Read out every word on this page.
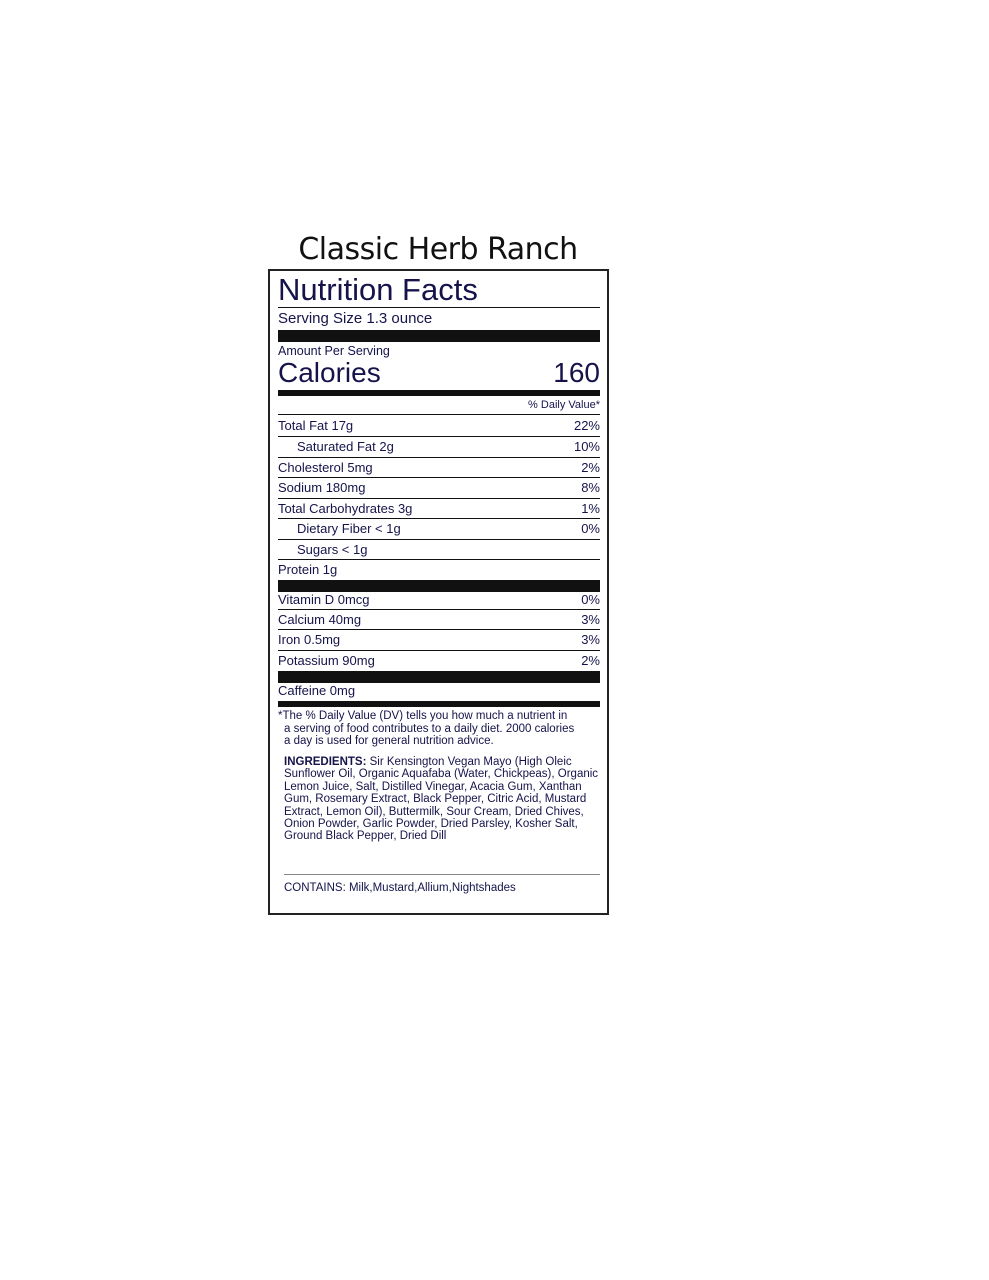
Classic Herb Ranch
Nutrition Facts
Serving Size 1.3 ounce
Amount Per Serving
Calories	160
% Daily Value*
Total Fat 17g	22%
Saturated Fat 2g	10%
Cholesterol 5mg	2%
Sodium 180mg	8%
Total Carbohydrates 3g	1%
Dietary Fiber < 1g	0%
Sugars < 1g
Protein 1g
Vitamin D 0mcg	0%
Calcium 40mg	3%
Iron 0.5mg	3%
Potassium 90mg	2%
Caffeine 0mg
*The % Daily Value (DV) tells you how much a nutrient in
a serving of food contributes to a daily diet. 2000 calories
a day is used for general nutrition advice.
INGREDIENTS: Sir Kensington Vegan Mayo (High Oleic Sunflower Oil, Organic Aquafaba (Water, Chickpeas), Organic Lemon Juice, Salt, Distilled Vinegar, Acacia Gum, Xanthan Gum, Rosemary Extract, Black Pepper, Citric Acid, Mustard Extract, Lemon Oil), Buttermilk, Sour Cream, Dried Chives, Onion Powder, Garlic Powder, Dried Parsley, Kosher Salt, Ground Black Pepper, Dried Dill
CONTAINS: Milk,Mustard,Allium,Nightshades
